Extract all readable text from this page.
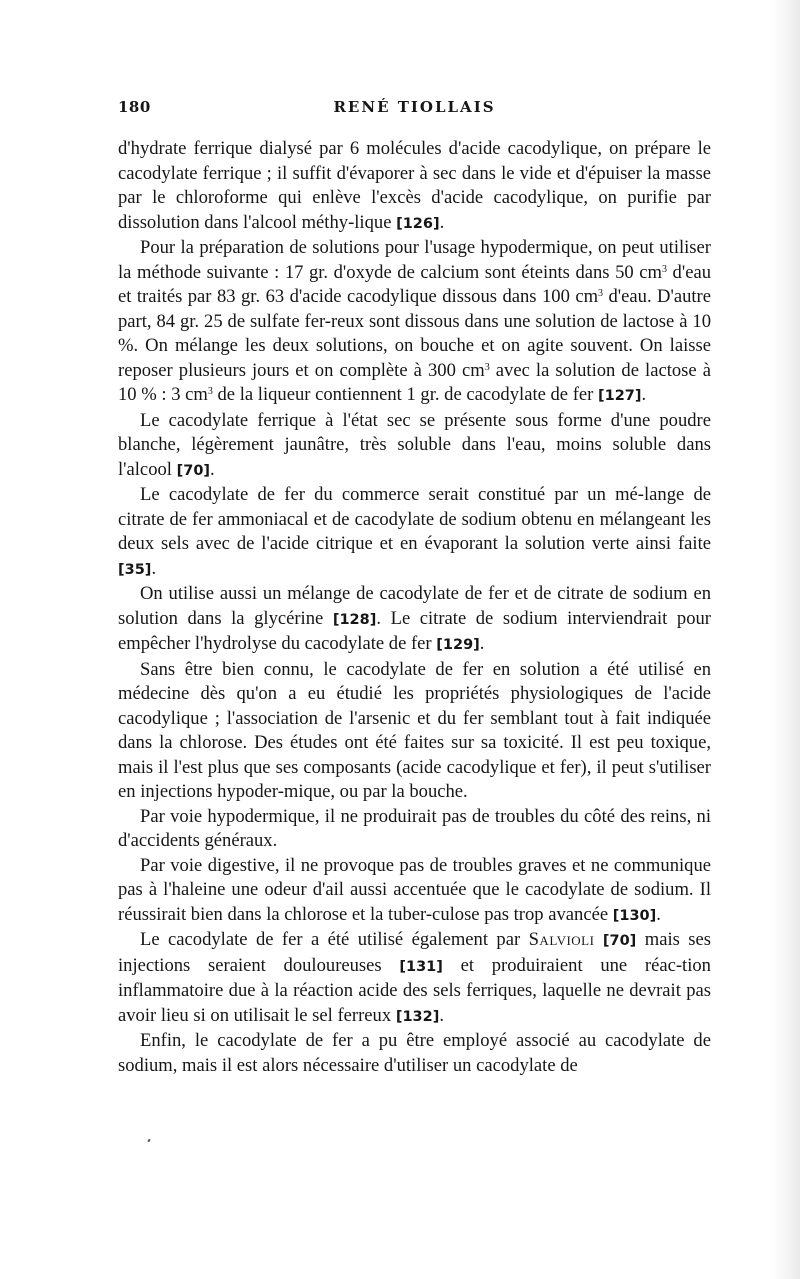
180	RENÉ TIOLLAIS

d'hydrate ferrique dialysé par 6 molécules d'acide cacodylique, on prépare le cacodylate ferrique ; il suffit d'évaporer à sec dans le vide et d'épuiser la masse par le chloroforme qui enlève l'excès d'acide cacodylique, on purifie par dissolution dans l'alcool méthy-lique [126].

Pour la préparation de solutions pour l'usage hypodermique, on peut utiliser la méthode suivante : 17 gr. d'oxyde de calcium sont éteints dans 50 $cm^3$ d'eau et traités par 83 gr. 63 d'acide cacodylique dissous dans 100 $cm^3$ d'eau. D'autre part, 84 gr. 25 de sulfate fer-reux sont dissous dans une solution de lactose à 10 %. On mélange les deux solutions, on bouche et on agite souvent. On laisse reposer plusieurs jours et on complète à 300 $cm^3$ avec la solution de lactose à 10 % : 3 $cm^3$ de la liqueur contiennent 1 gr. de cacodylate de fer [127].

Le cacodylate ferrique à l'état sec se présente sous forme d'une poudre blanche, légèrement jaunâtre, très soluble dans l'eau, moins soluble dans l'alcool [70].

Le cacodylate de fer du commerce serait constitué par un mé-lange de citrate de fer ammoniacal et de cacodylate de sodium obtenu en mélangeant les deux sels avec de l'acide citrique et en évaporant la solution verte ainsi faite [35].

On utilise aussi un mélange de cacodylate de fer et de citrate de sodium en solution dans la glycérine [128]. Le citrate de sodium interviendrait pour empêcher l'hydrolyse du cacodylate de fer [129].

Sans être bien connu, le cacodylate de fer en solution a été utilisé en médecine dès qu'on a eu étudié les propriétés physiologiques de l'acide cacodylique ; l'association de l'arsenic et du fer semblant tout à fait indiquée dans la chlorose. Des études ont été faites sur sa toxicité. Il est peu toxique, mais il l'est plus que ses composants (acide cacodylique et fer), il peut s'utiliser en injections hypoder-mique, ou par la bouche.

Par voie hypodermique, il ne produirait pas de troubles du côté des reins, ni d'accidents généraux.

Par voie digestive, il ne provoque pas de troubles graves et ne communique pas à l'haleine une odeur d'ail aussi accentuée que le cacodylate de sodium. Il réussirait bien dans la chlorose et la tuber-culose pas trop avancée [130].

Le cacodylate de fer a été utilisé également par Salvioli [70] mais ses injections seraient douloureuses [131] et produiraient une réac-tion inflammatoire due à la réaction acide des sels ferriques, laquelle ne devrait pas avoir lieu si on utilisait le sel ferreux [132].

Enfin, le cacodylate de fer a pu être employé associé au cacodylate de sodium, mais il est alors nécessaire d'utiliser un cacodylate de
